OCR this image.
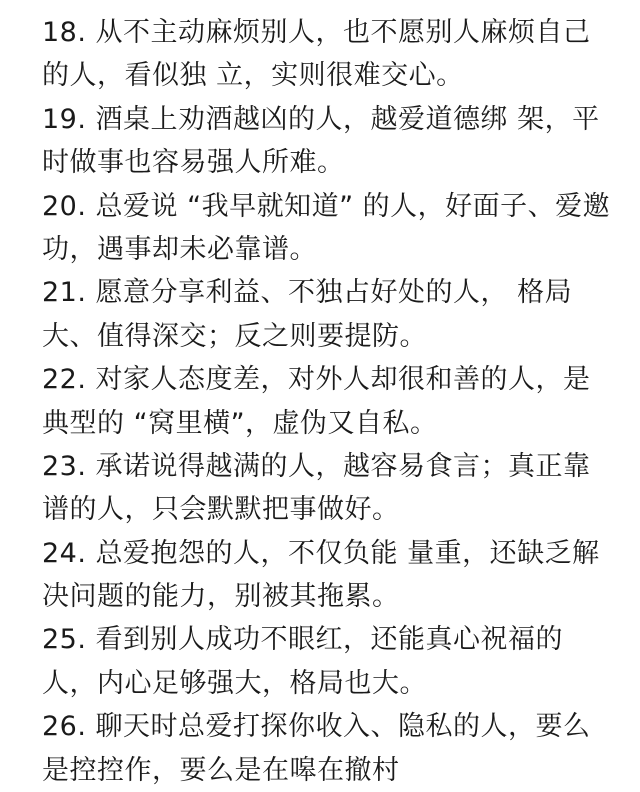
18. 从不主动麻烦别人，也不愿别人麻烦自己
的人，看似独 立，实则很难交心。
19. 酒桌上劝酒越凶的人，越爱道德绑 架，平
时做事也容易强人所难。
20. 总爱说 “我早就知道” 的人，好面子、爱邀
功，遇事却未必靠谱。
21. 愿意分享利益、不独占好处的人， 格局
大、值得深交；反之则要提防。
22. 对家人态度差，对外人却很和善的人，是
典型的 “窝里横”，虚伪又自私。
23. 承诺说得越满的人，越容易食言；真正靠
谱的人，只会默默把事做好。
24. 总爱抱怨的人，不仅负能 量重，还缺乏解
决问题的能力，别被其拖累。
25. 看到别人成功不眼红，还能真心祝福的
人，内心足够强大，格局也大。
26. 聊天时总爱打探你收入、隐私的人，要么
是控控作，要么是在嗥在撤村
